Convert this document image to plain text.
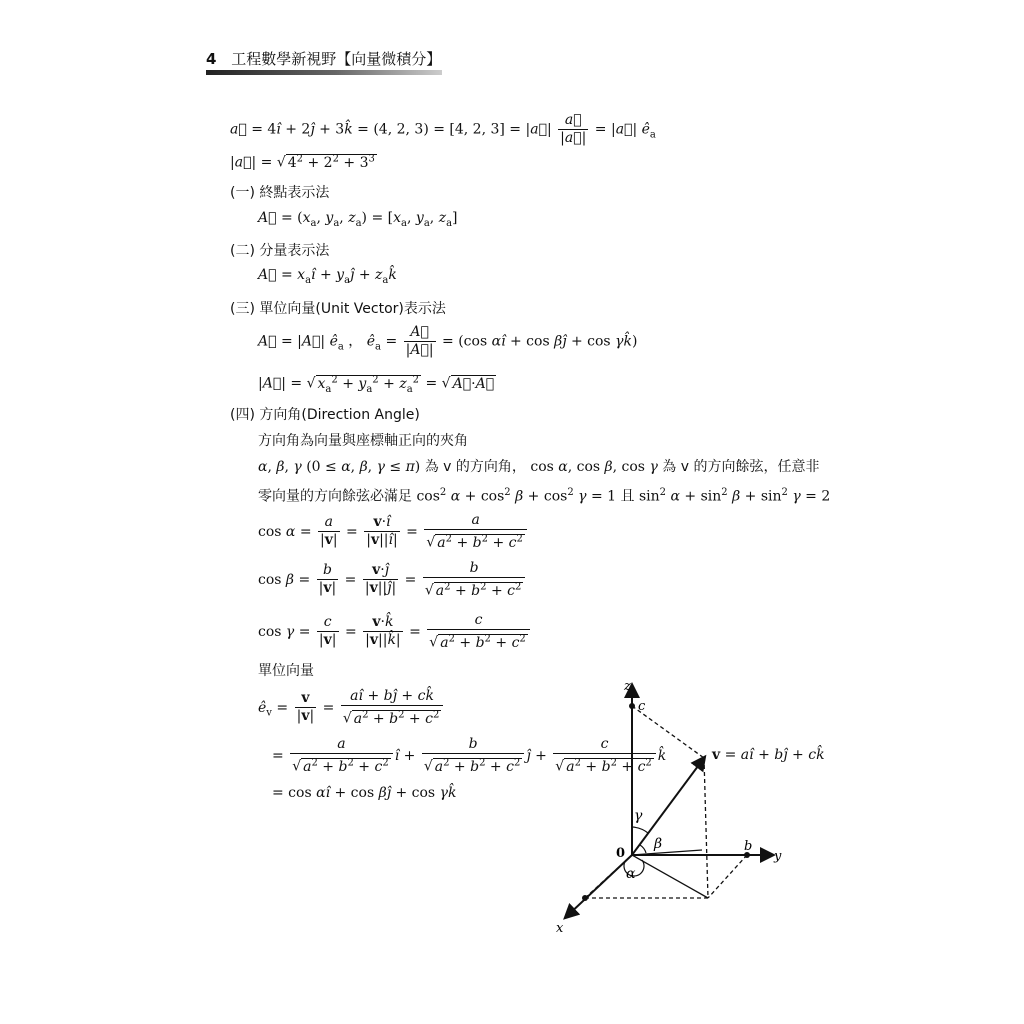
4 工程數學新視野【向量微積分】
a⃗ = 4î + 2ĵ + 3k̂ = (4, 2, 3) = [4, 2, 3] = |a⃗| $\frac{a⃗}{|a⃗|}$ = |a⃗| $ê_a$
|a⃗| = √ $4^2 + 2^2 + 3^3$
(一) 終點表示法
A⃗ = ($x_a$, $y_a$, $z_a) = [x_a$, $y_a$, $z_a$]
(二) 分量表示法
A⃗ = $x_aî$ + $y_aĵ$ + $z_ak̂$
(三) 單位向量(Unit Vector)表示法
A⃗ = |A⃗| $ê_a$ ， $ê_a = \frac{A⃗}{|A⃗|} = (\cos$ αî + cos βĵ + cos γk̂)
|A⃗| = √ $x_a^2 + y_a^2 + z_a^2$ = √ A⃗·A⃗
(四) 方向角(Direction Angle)
方向角為向量與座標軸正向的夾角
α, β, γ (0 ≤ α, β, γ ≤ π) 為 v 的方向角， cos α, cos β, cos γ 為 v 的方向餘弦，任意非
零向量的方向餘弦必滿足 $\cos^2 \alpha + \cos^2 \beta + \cos^2 \gamma = 1$ 且 $\sin^2 \alpha + \sin^2 \beta + \sin^2 \gamma = 2$
$\cos \alpha = \frac{a}{|v|} = \frac{v\cdot î}{|v||î|} = \frac{a}{√ a^2 + b^2 + c^2}$
$\cos \beta = \frac{b}{|v|} = \frac{v\cdot ĵ}{|v||ĵ|} = \frac{b}{√ a^2 + b^2 + c^2}$
$\cos \gamma = \frac{c}{|v|} = \frac{v\cdot k̂}{|v||k̂|} = \frac{c}{√ a^2 + b^2 + c^2}$
單位向量
$ê_v = \frac{v}{|v|} = \frac{aî + bĵ + ck̂}{√ a^2 + b^2 + c^2}$
= $\frac{a}{√ a^2 + b^2 + c^2}$ î + $\frac{b}{√ a^2 + b^2 + c^2}$ ĵ + $\frac{c}{√ a^2 + b^2 + c^2}$ k̂
= cos αî + cos βĵ + cos γk̂
z
y
x
c
b
0
γ
β
α
v = aî + bĵ + ck̂
